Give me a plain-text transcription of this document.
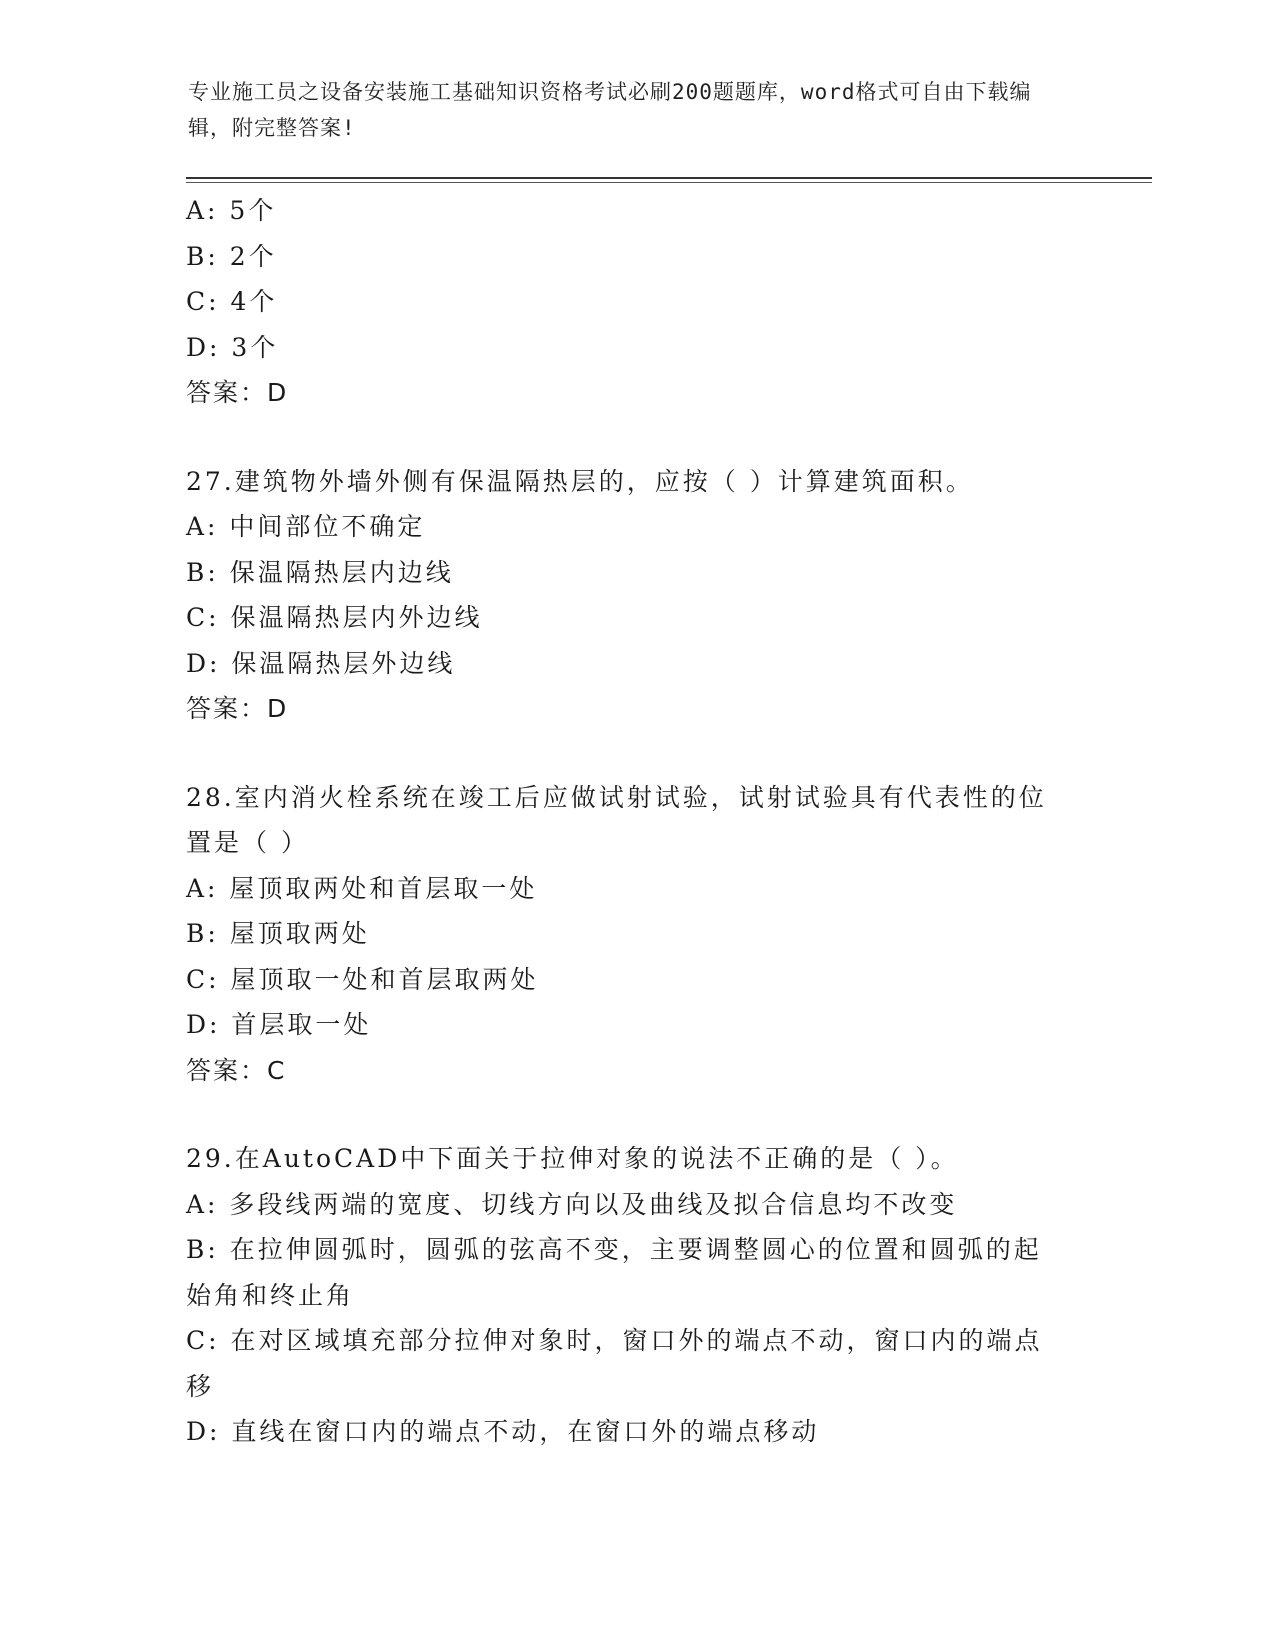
专业施工员之设备安装施工基础知识资格考试必刷200题题库，word格式可自由下载编辑，附完整答案!
A: 5个
B: 2个
C: 4个
D: 3个
答案：D
27.建筑物外墙外侧有保温隔热层的，应按（ ）计算建筑面积。
A: 中间部位不确定
B: 保温隔热层内边线
C: 保温隔热层内外边线
D: 保温隔热层外边线
答案：D
28.室内消火栓系统在竣工后应做试射试验，试射试验具有代表性的位
置是（ ）
A: 屋顶取两处和首层取一处
B: 屋顶取两处
C: 屋顶取一处和首层取两处
D: 首层取一处
答案：C
29.在AutoCAD中下面关于拉伸对象的说法不正确的是（ ）。
A: 多段线两端的宽度、切线方向以及曲线及拟合信息均不改变
B: 在拉伸圆弧时，圆弧的弦高不变，主要调整圆心的位置和圆弧的起
始角和终止角
C: 在对区域填充部分拉伸对象时，窗口外的端点不动，窗口内的端点
移
D: 直线在窗口内的端点不动，在窗口外的端点移动
